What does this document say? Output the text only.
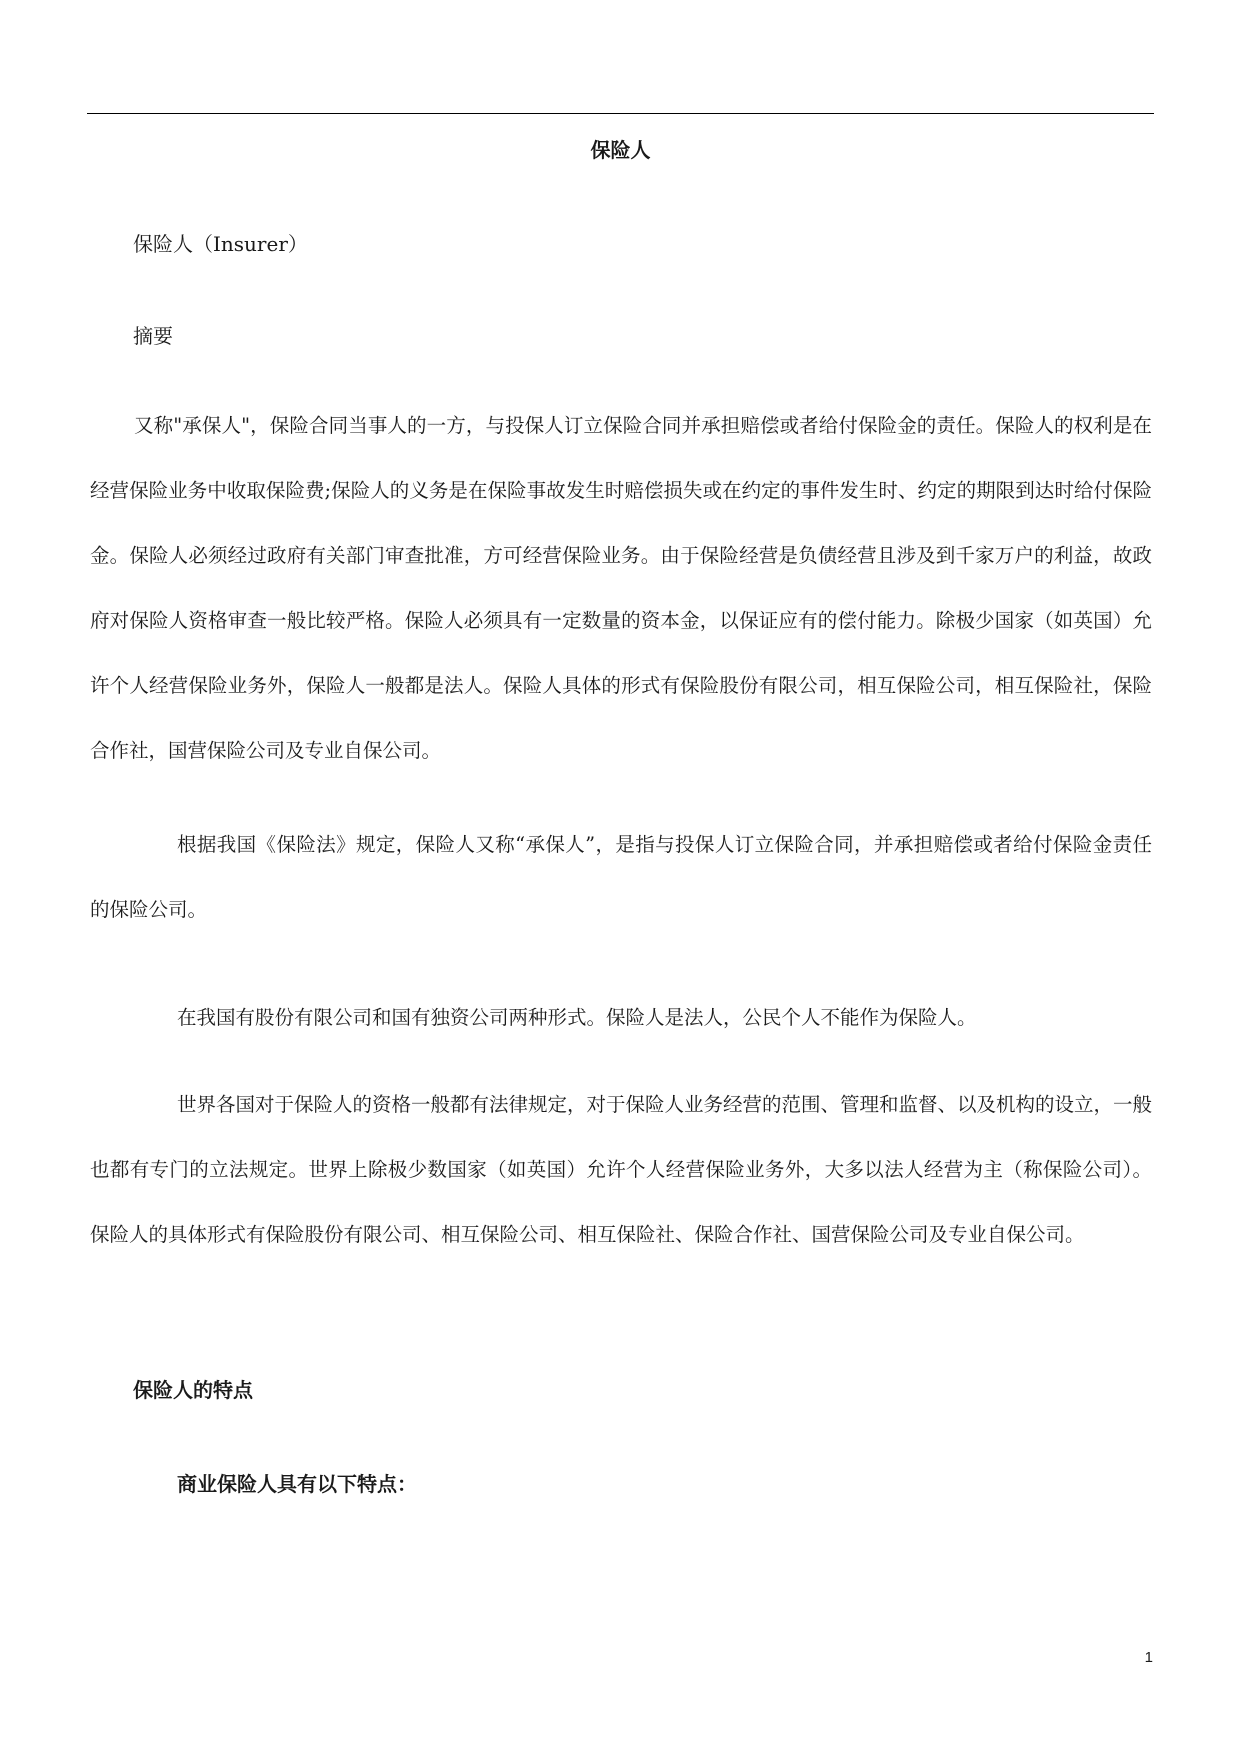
保险人
保险人（Insurer）
摘要
又称"承保人"，保险合同当事人的一方，与投保人订立保险合同并承担赔偿或者给付保险金的责任。保险人的权利是在经营保险业务中收取保险费;保险人的义务是在保险事故发生时赔偿损失或在约定的事件发生时、约定的期限到达时给付保险金。保险人必须经过政府有关部门审查批准，方可经营保险业务。由于保险经营是负债经营且涉及到千家万户的利益，故政府对保险人资格审查一般比较严格。保险人必须具有一定数量的资本金，以保证应有的偿付能力。除极少国家（如英国）允许个人经营保险业务外，保险人一般都是法人。保险人具体的形式有保险股份有限公司，相互保险公司，相互保险社，保险合作社，国营保险公司及专业自保公司。
根据我国《保险法》规定，保险人又称“承保人”，是指与投保人订立保险合同，并承担赔偿或者给付保险金责任的保险公司。
在我国有股份有限公司和国有独资公司两种形式。保险人是法人，公民个人不能作为保险人。
世界各国对于保险人的资格一般都有法律规定，对于保险人业务经营的范围、管理和监督、以及机构的设立，一般也都有专门的立法规定。世界上除极少数国家（如英国）允许个人经营保险业务外，大多以法人经营为主（称保险公司）。保险人的具体形式有保险股份有限公司、相互保险公司、相互保险社、保险合作社、国营保险公司及专业自保公司。
保险人的特点
商业保险人具有以下特点：
1
